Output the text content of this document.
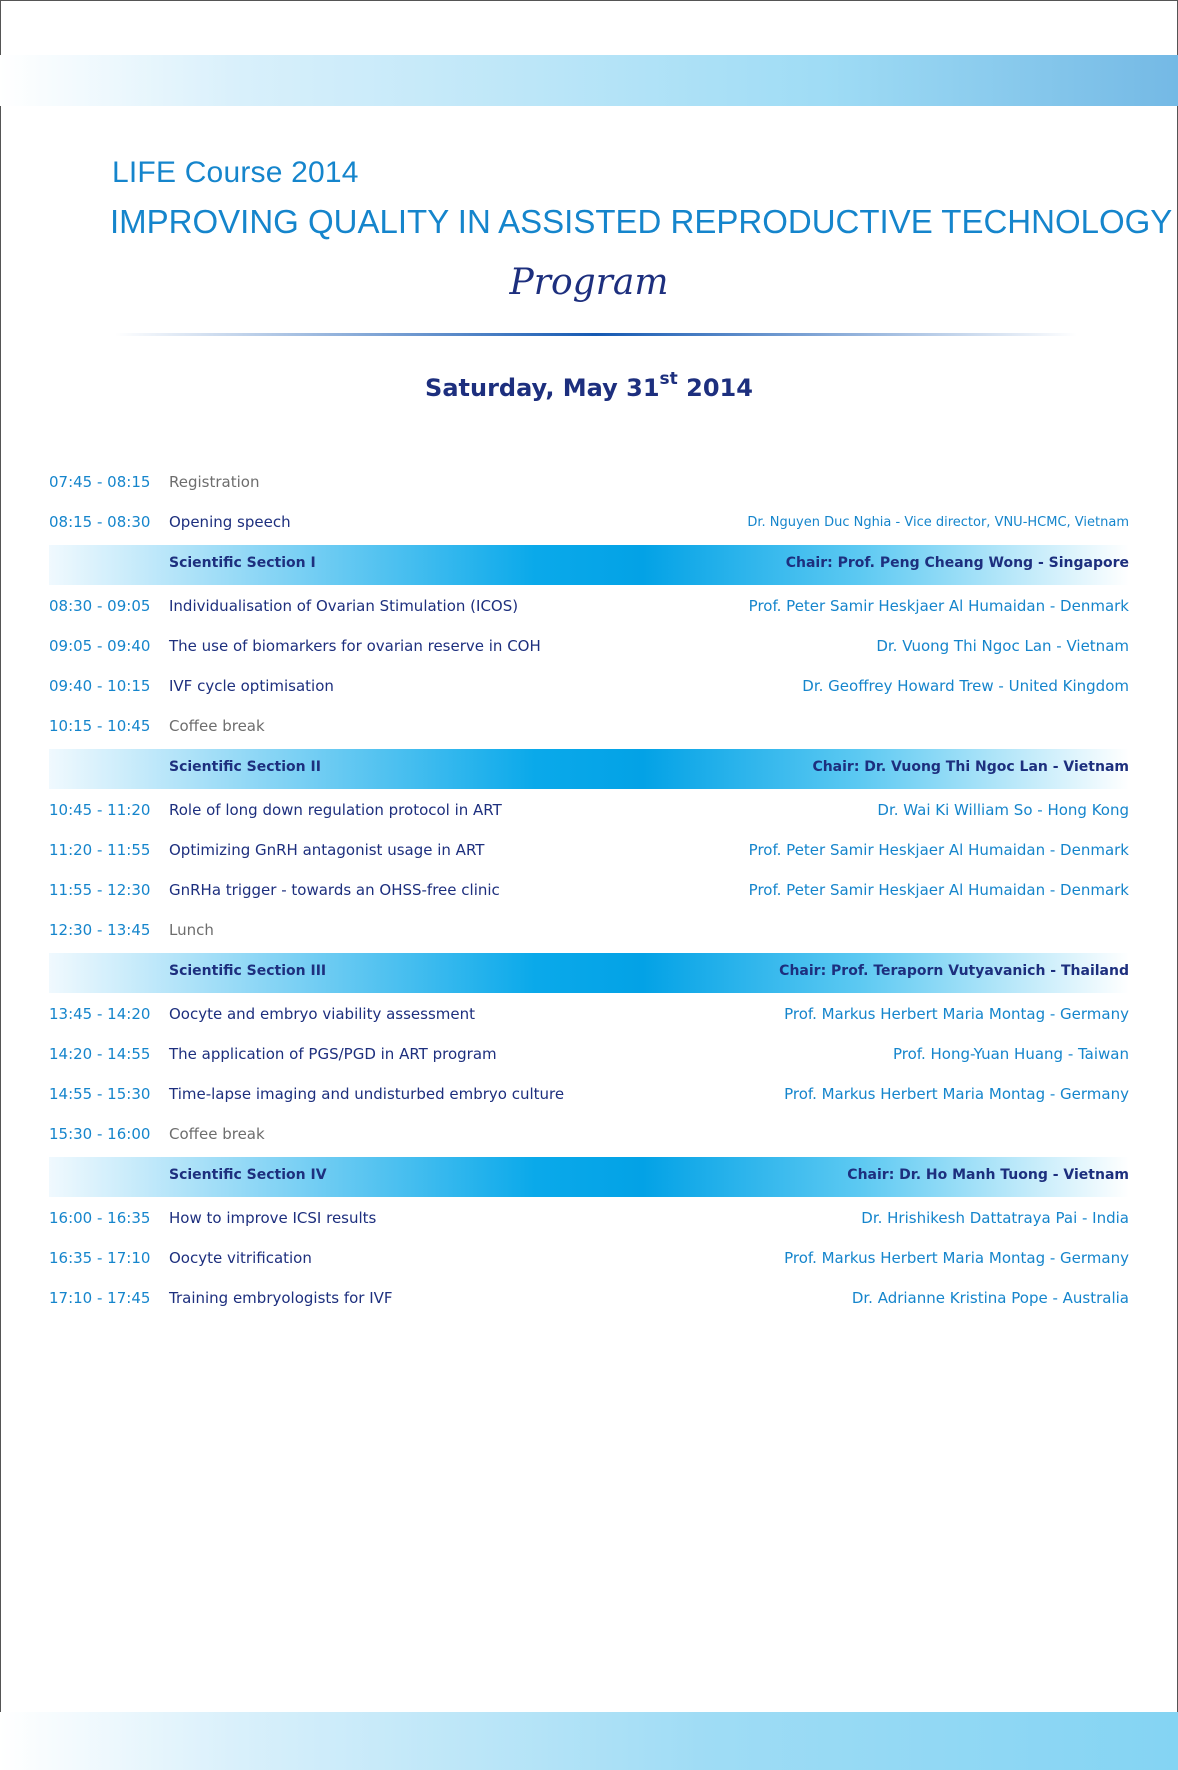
LIFE Course 2014
IMPROVING QUALITY IN ASSISTED REPRODUCTIVE TECHNOLOGY
Program
Saturday, May 31st 2014
07:45 - 08:15 Registration
08:15 - 08:30 Opening speech	Dr. Nguyen Duc Nghia - Vice director, VNU-HCMC, Vietnam
Scientific Section I	Chair: Prof. Peng Cheang Wong - Singapore
08:30 - 09:05 Individualisation of Ovarian Stimulation (ICOS)	Prof. Peter Samir Heskjaer Al Humaidan - Denmark
09:05 - 09:40 The use of biomarkers for ovarian reserve in COH	Dr. Vuong Thi Ngoc Lan - Vietnam
09:40 - 10:15 IVF cycle optimisation	Dr. Geoffrey Howard Trew - United Kingdom
10:15 - 10:45 Coffee break
Scientific Section II	Chair: Dr. Vuong Thi Ngoc Lan - Vietnam
10:45 - 11:20 Role of long down regulation protocol in ART	Dr. Wai Ki William So - Hong Kong
11:20 - 11:55 Optimizing GnRH antagonist usage in ART	Prof. Peter Samir Heskjaer Al Humaidan - Denmark
11:55 - 12:30 GnRHa trigger - towards an OHSS-free clinic	Prof. Peter Samir Heskjaer Al Humaidan - Denmark
12:30 - 13:45 Lunch
Scientific Section III	Chair: Prof. Teraporn Vutyavanich - Thailand
13:45 - 14:20 Oocyte and embryo viability assessment	Prof. Markus Herbert Maria Montag - Germany
14:20 - 14:55 The application of PGS/PGD in ART program	Prof. Hong-Yuan Huang - Taiwan
14:55 - 15:30 Time-lapse imaging and undisturbed embryo culture	Prof. Markus Herbert Maria Montag - Germany
15:30 - 16:00 Coffee break
Scientific Section IV	Chair: Dr. Ho Manh Tuong - Vietnam
16:00 - 16:35 How to improve ICSI results	Dr. Hrishikesh Dattatraya Pai - India
16:35 - 17:10 Oocyte vitrification	Prof. Markus Herbert Maria Montag - Germany
17:10 - 17:45 Training embryologists for IVF	Dr. Adrianne Kristina Pope - Australia
